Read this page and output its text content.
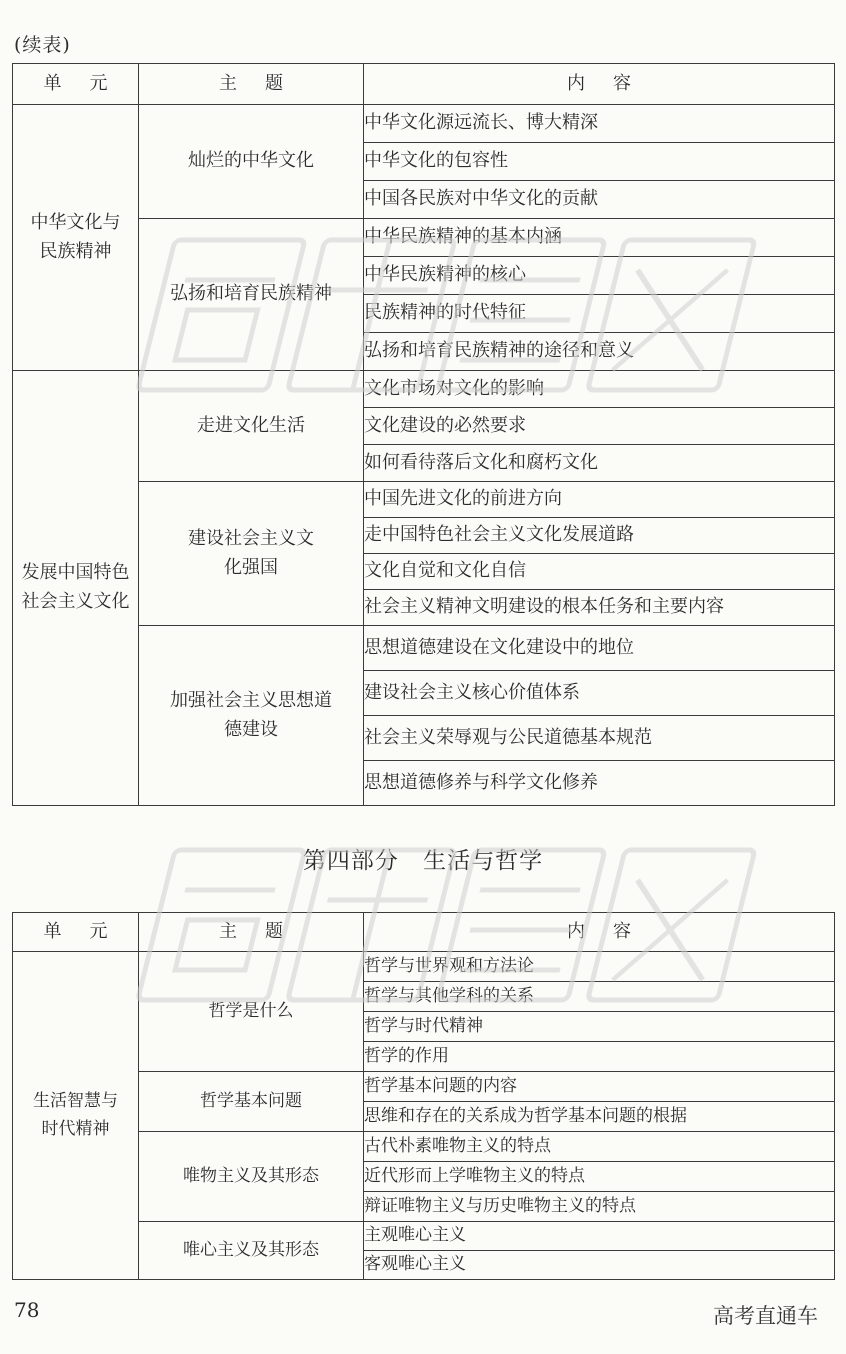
(续表)
单元	主题	内容
中华文化与民族精神	灿烂的中华文化	中华文化源远流长、博大精深
		中华文化的包容性
		中国各民族对中华文化的贡献
	弘扬和培育民族精神	中华民族精神的基本内涵
		中华民族精神的核心
		民族精神的时代特征
		弘扬和培育民族精神的途径和意义
发展中国特色社会主义文化	走进文化生活	文化市场对文化的影响
		文化建设的必然要求
		如何看待落后文化和腐朽文化
	建设社会主义文化强国	中国先进文化的前进方向
		走中国特色社会主义文化发展道路
		文化自觉和文化自信
		社会主义精神文明建设的根本任务和主要内容
	加强社会主义思想道德建设	思想道德建设在文化建设中的地位
		建设社会主义核心价值体系
		社会主义荣辱观与公民道德基本规范
		思想道德修养与科学文化修养
第四部分 生活与哲学
单元	主题	内容
生活智慧与时代精神	哲学是什么	哲学与世界观和方法论
		哲学与其他学科的关系
		哲学与时代精神
		哲学的作用
	哲学基本问题	哲学基本问题的内容
		思维和存在的关系成为哲学基本问题的根据
	唯物主义及其形态	古代朴素唯物主义的特点
		近代形而上学唯物主义的特点
		辩证唯物主义与历史唯物主义的特点
	唯心主义及其形态	主观唯心主义
		客观唯心主义
78	高考直通车
